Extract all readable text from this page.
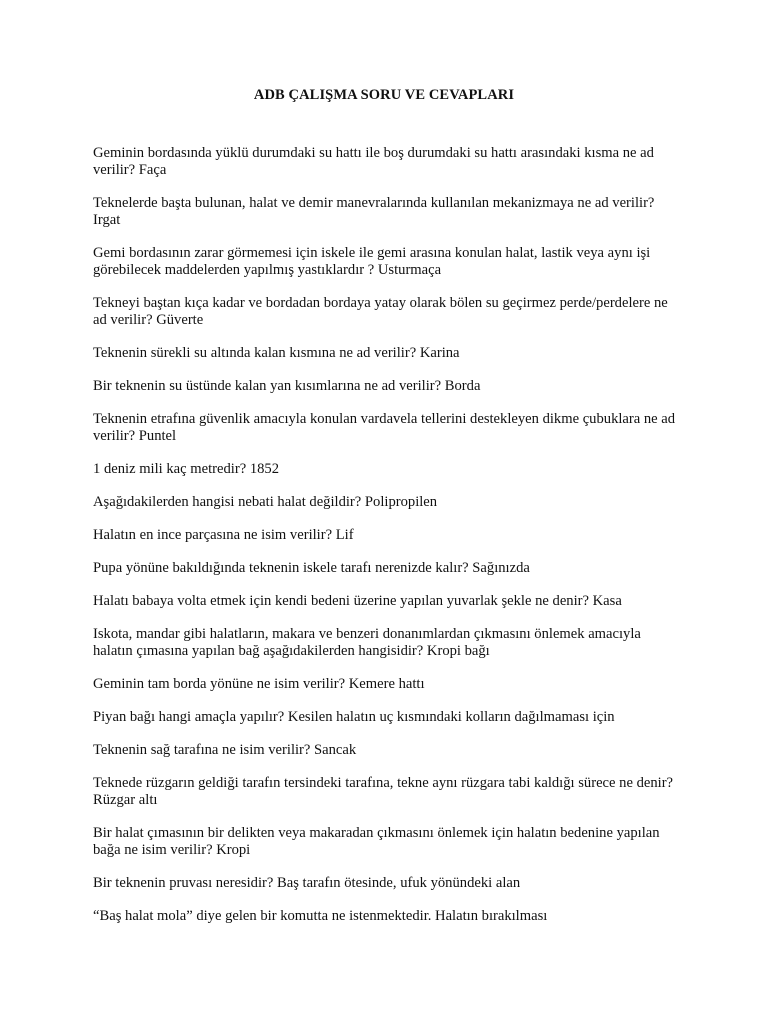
ADB ÇALIŞMA SORU VE CEVAPLARI

Geminin bordasında yüklü durumdaki su hattı ile boş durumdaki su hattı arasındaki kısma ne ad verilir? Faça

Teknelerde başta bulunan, halat ve demir manevralarında kullanılan mekanizmaya ne ad verilir? Irgat

Gemi bordasının zarar görmemesi için iskele ile gemi arasına konulan halat, lastik veya aynı işi görebilecek maddelerden yapılmış yastıklardır ? Usturmaça

Tekneyi baştan kıça kadar ve bordadan bordaya yatay olarak bölen su geçirmez perde/perdelere ne ad verilir? Güverte

Teknenin sürekli su altında kalan kısmına ne ad verilir? Karina

Bir teknenin su üstünde kalan yan kısımlarına ne ad verilir? Borda

Teknenin etrafına güvenlik amacıyla konulan vardavela tellerini destekleyen dikme çubuklara ne ad verilir? Puntel

1 deniz mili kaç metredir? 1852

Aşağıdakilerden hangisi nebati halat değildir? Polipropilen

Halatın en ince parçasına ne isim verilir? Lif

Pupa yönüne bakıldığında teknenin iskele tarafı nerenizde kalır? Sağınızda

Halatı babaya volta etmek için kendi bedeni üzerine yapılan yuvarlak şekle ne denir? Kasa

Iskota, mandar gibi halatların, makara ve benzeri donanımlardan çıkmasını önlemek amacıyla halatın çımasına yapılan bağ aşağıdakilerden hangisidir? Kropi bağı

Geminin tam borda yönüne ne isim verilir? Kemere hattı

Piyan bağı hangi amaçla yapılır? Kesilen halatın uç kısmındaki kolların dağılmaması için

Teknenin sağ tarafına ne isim verilir? Sancak

Teknede rüzgarın geldiği tarafın tersindeki tarafına, tekne aynı rüzgara tabi kaldığı sürece ne denir? Rüzgar altı

Bir halat çımasının bir delikten veya makaradan çıkmasını önlemek için halatın bedenine yapılan bağa ne isim verilir? Kropi

Bir teknenin pruvası neresidir? Baş tarafın ötesinde, ufuk yönündeki alan

“Baş halat mola” diye gelen bir komutta ne istenmektedir. Halatın bırakılması
